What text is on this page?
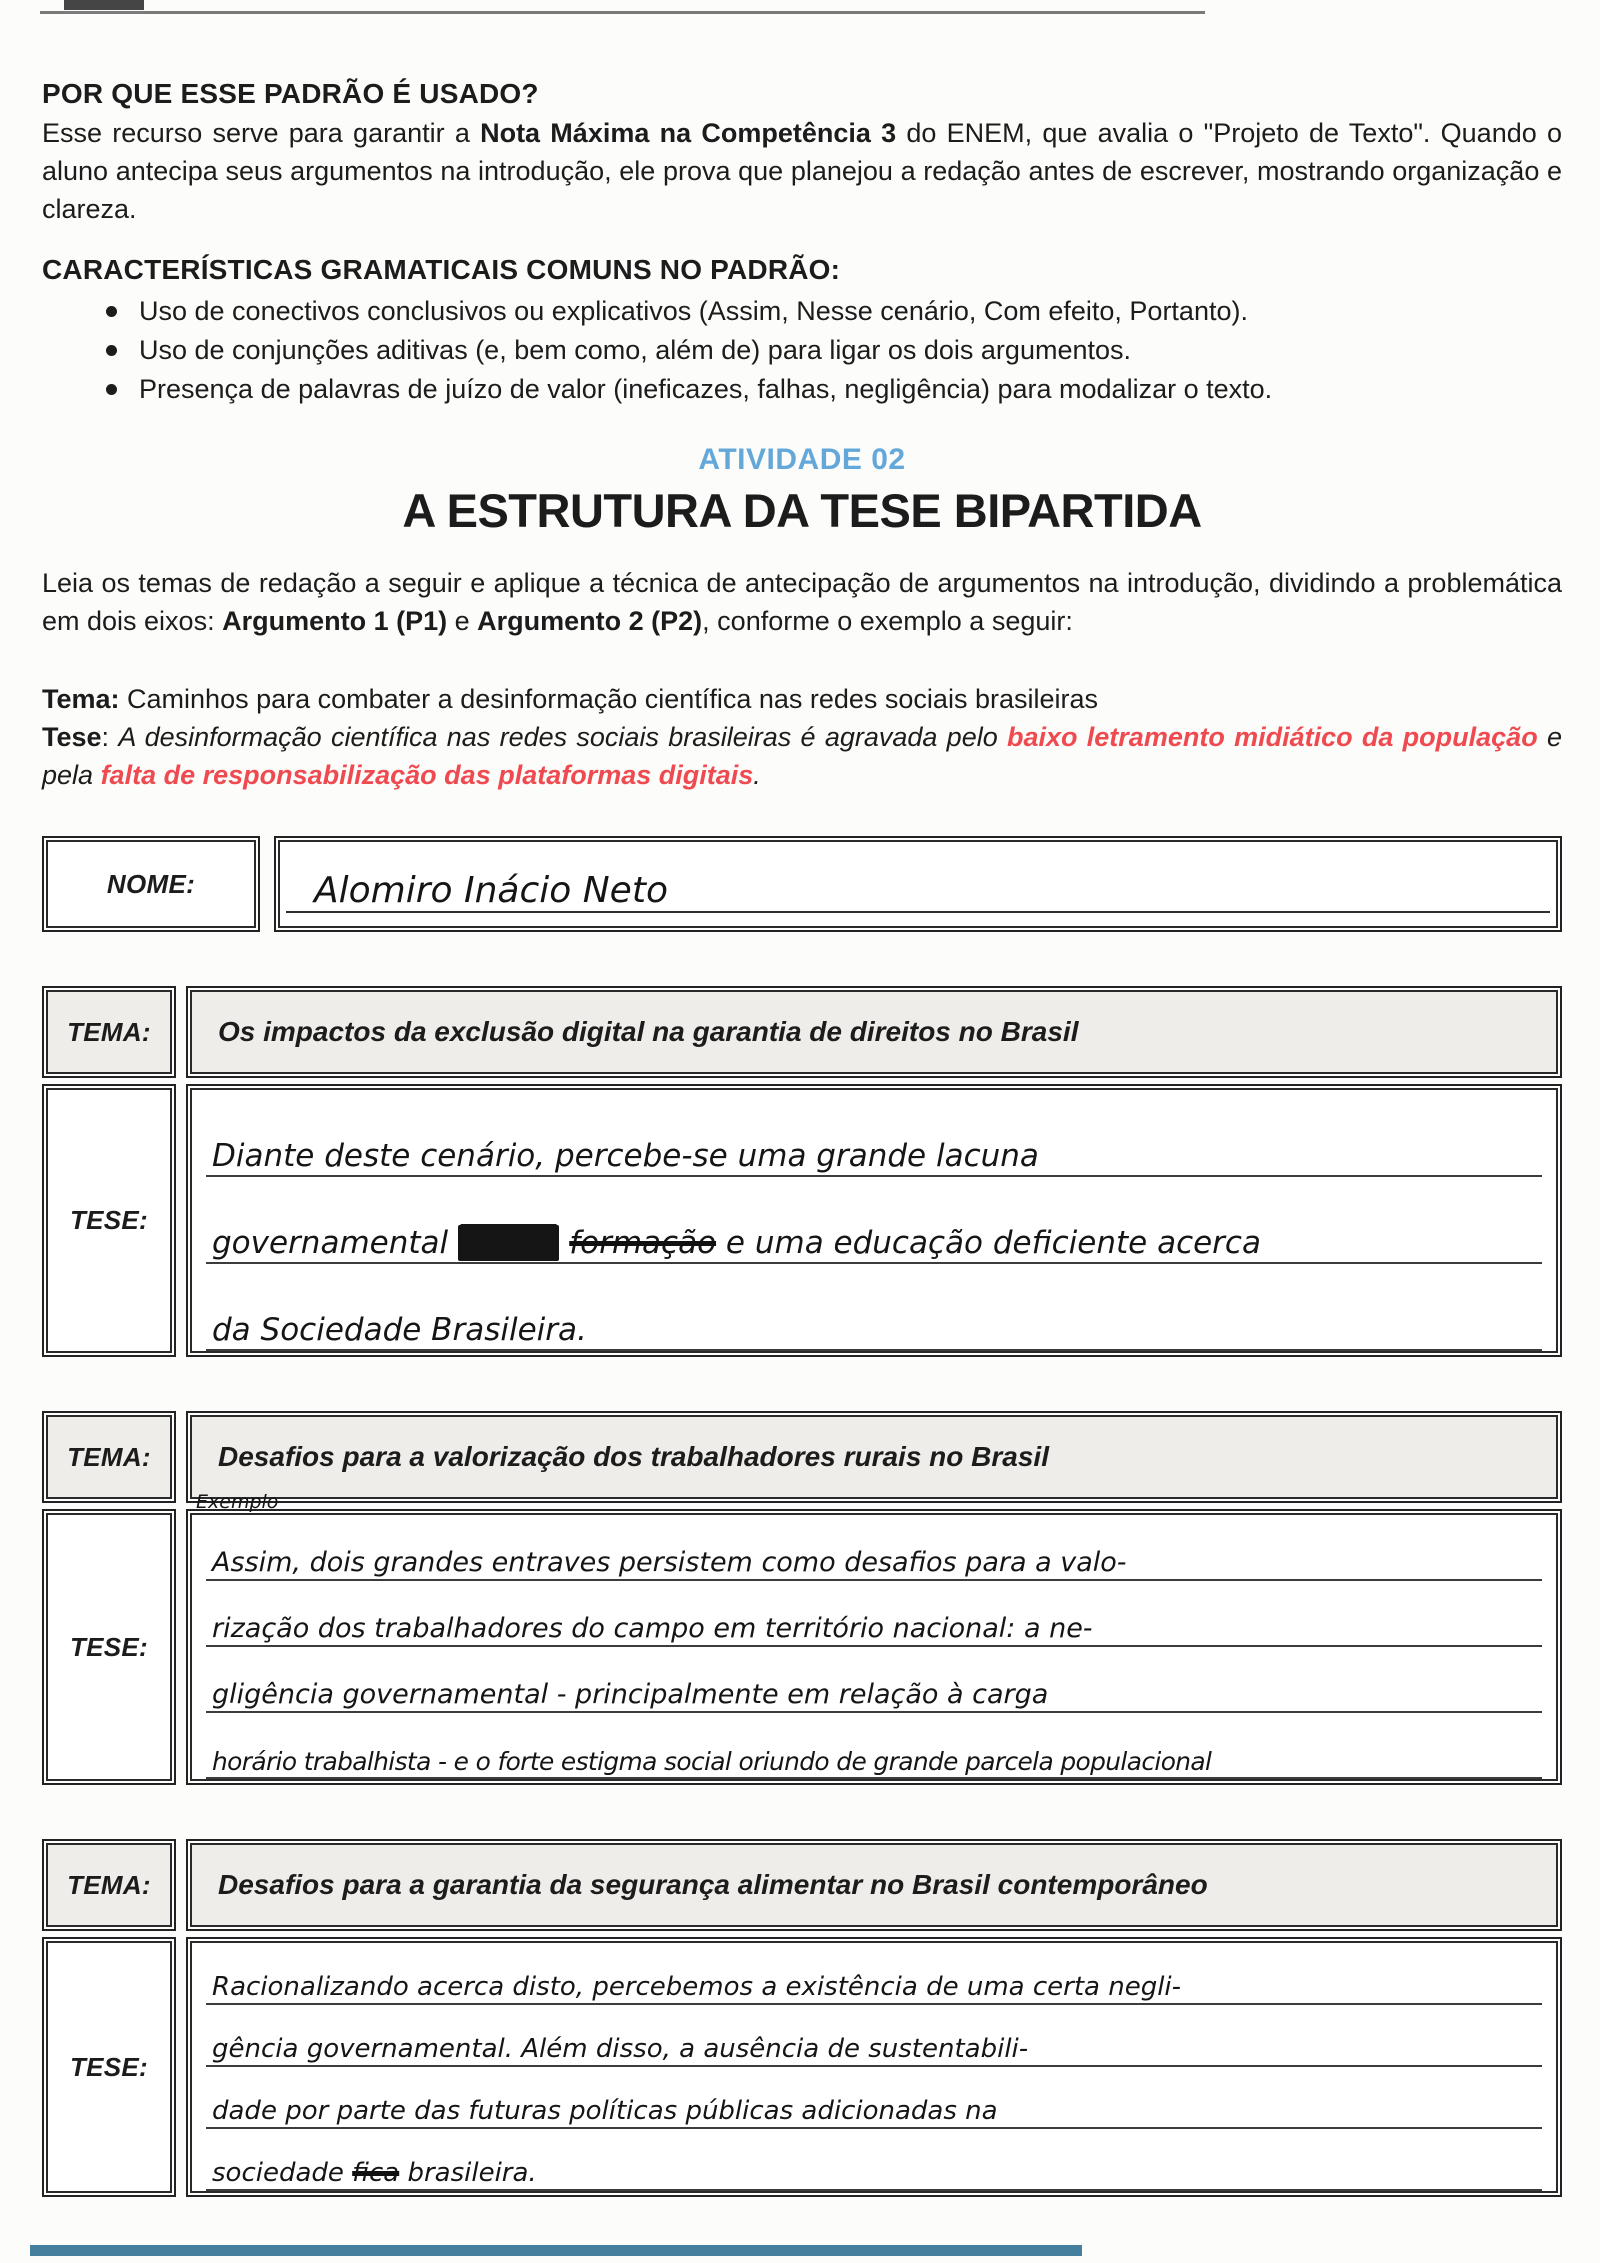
POR QUE ESSE PADRÃO É USADO?

Esse recurso serve para garantir a Nota Máxima na Competência 3 do ENEM, que avalia o "Projeto de Texto". Quando o aluno antecipa seus argumentos na introdução, ele prova que planejou a redação antes de escrever, mostrando organização e clareza.

CARACTERÍSTICAS GRAMATICAIS COMUNS NO PADRÃO:
Uso de conectivos conclusivos ou explicativos (Assim, Nesse cenário, Com efeito, Portanto).
Uso de conjunções aditivas (e, bem como, além de) para ligar os dois argumentos.
Presença de palavras de juízo de valor (ineficazes, falhas, negligência) para modalizar o texto.
ATIVIDADE 02
A ESTRUTURA DA TESE BIPARTIDA

Leia os temas de redação a seguir e aplique a técnica de antecipação de argumentos na introdução, dividindo a problemática em dois eixos: Argumento 1 (P1) e Argumento 2 (P2), conforme o exemplo a seguir:

Tema: Caminhos para combater a desinformação científica nas redes sociais brasileiras

Tese: A desinformação científica nas redes sociais brasileiras é agravada pelo baixo letramento midiático da população e pela falta de responsabilização das plataformas digitais.

NOME:	Alomiro Inácio Neto
TEMA: Os impactos da exclusão digital na garantia de direitos no Brasil
TESE:
Diante deste cenário, percebe-se uma grande lacuna
governamental ████ formação e uma educação deficiente acerca
da Sociedade Brasileira.
TEMA: Desafios para a valorização dos trabalhadores rurais no Brasil
Exemplo
TESE:
Assim, dois grandes entraves persistem como desafios para a valo-
rização dos trabalhadores do campo em território nacional: a ne-
gligência governamental - principalmente em relação à carga
horário trabalhista - e o forte estigma social oriundo de grande parcela populacional
TEMA: Desafios para a garantia da segurança alimentar no Brasil contemporâneo
TESE:
Racionalizando acerca disto, percebemos a existência de uma certa negli-
gência governamental. Além disso, a ausência de sustentabili-
dade por parte das futuras políticas públicas adicionadas na
sociedade fica brasileira.
